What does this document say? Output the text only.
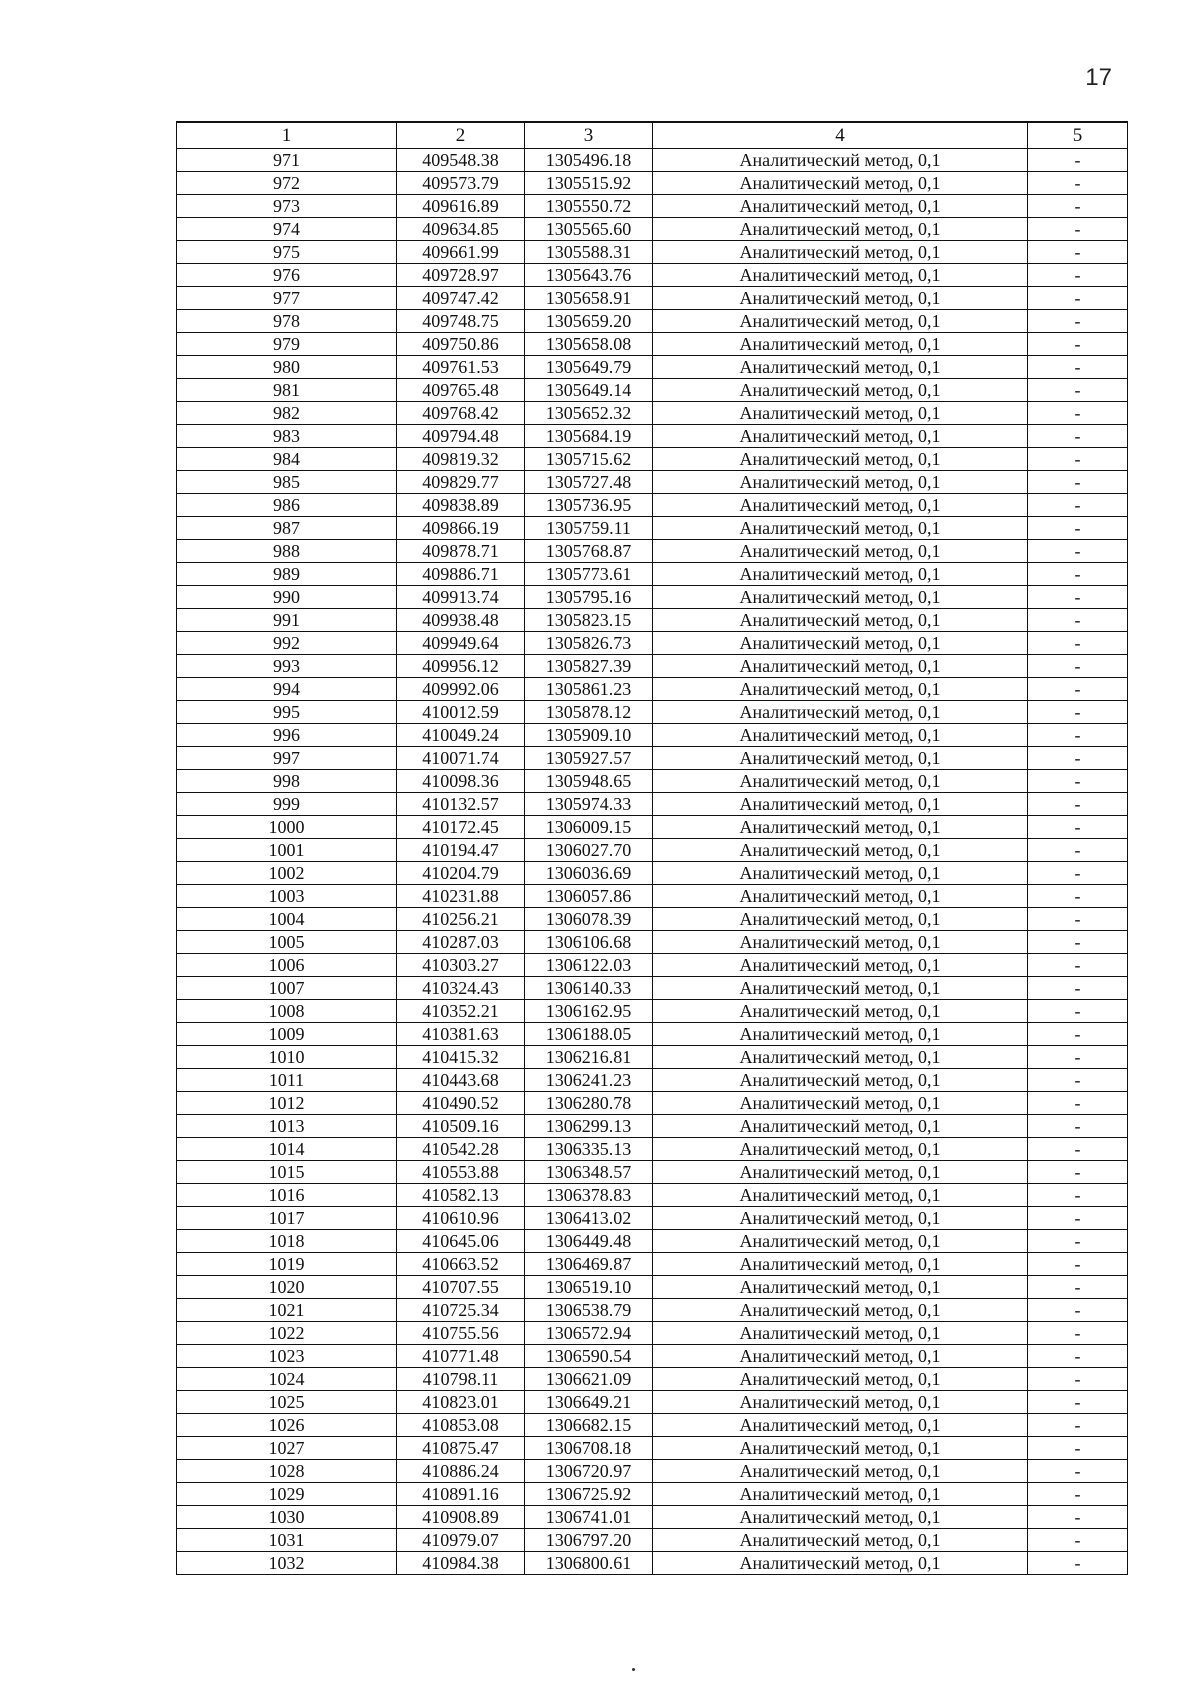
17
1	2	3	4	5
971	409548.38	1305496.18	Аналитический метод, 0,1	-
972	409573.79	1305515.92	Аналитический метод, 0,1	-
973	409616.89	1305550.72	Аналитический метод, 0,1	-
974	409634.85	1305565.60	Аналитический метод, 0,1	-
975	409661.99	1305588.31	Аналитический метод, 0,1	-
976	409728.97	1305643.76	Аналитический метод, 0,1	-
977	409747.42	1305658.91	Аналитический метод, 0,1	-
978	409748.75	1305659.20	Аналитический метод, 0,1	-
979	409750.86	1305658.08	Аналитический метод, 0,1	-
980	409761.53	1305649.79	Аналитический метод, 0,1	-
981	409765.48	1305649.14	Аналитический метод, 0,1	-
982	409768.42	1305652.32	Аналитический метод, 0,1	-
983	409794.48	1305684.19	Аналитический метод, 0,1	-
984	409819.32	1305715.62	Аналитический метод, 0,1	-
985	409829.77	1305727.48	Аналитический метод, 0,1	-
986	409838.89	1305736.95	Аналитический метод, 0,1	-
987	409866.19	1305759.11	Аналитический метод, 0,1	-
988	409878.71	1305768.87	Аналитический метод, 0,1	-
989	409886.71	1305773.61	Аналитический метод, 0,1	-
990	409913.74	1305795.16	Аналитический метод, 0,1	-
991	409938.48	1305823.15	Аналитический метод, 0,1	-
992	409949.64	1305826.73	Аналитический метод, 0,1	-
993	409956.12	1305827.39	Аналитический метод, 0,1	-
994	409992.06	1305861.23	Аналитический метод, 0,1	-
995	410012.59	1305878.12	Аналитический метод, 0,1	-
996	410049.24	1305909.10	Аналитический метод, 0,1	-
997	410071.74	1305927.57	Аналитический метод, 0,1	-
998	410098.36	1305948.65	Аналитический метод, 0,1	-
999	410132.57	1305974.33	Аналитический метод, 0,1	-
1000	410172.45	1306009.15	Аналитический метод, 0,1	-
1001	410194.47	1306027.70	Аналитический метод, 0,1	-
1002	410204.79	1306036.69	Аналитический метод, 0,1	-
1003	410231.88	1306057.86	Аналитический метод, 0,1	-
1004	410256.21	1306078.39	Аналитический метод, 0,1	-
1005	410287.03	1306106.68	Аналитический метод, 0,1	-
1006	410303.27	1306122.03	Аналитический метод, 0,1	-
1007	410324.43	1306140.33	Аналитический метод, 0,1	-
1008	410352.21	1306162.95	Аналитический метод, 0,1	-
1009	410381.63	1306188.05	Аналитический метод, 0,1	-
1010	410415.32	1306216.81	Аналитический метод, 0,1	-
1011	410443.68	1306241.23	Аналитический метод, 0,1	-
1012	410490.52	1306280.78	Аналитический метод, 0,1	-
1013	410509.16	1306299.13	Аналитический метод, 0,1	-
1014	410542.28	1306335.13	Аналитический метод, 0,1	-
1015	410553.88	1306348.57	Аналитический метод, 0,1	-
1016	410582.13	1306378.83	Аналитический метод, 0,1	-
1017	410610.96	1306413.02	Аналитический метод, 0,1	-
1018	410645.06	1306449.48	Аналитический метод, 0,1	-
1019	410663.52	1306469.87	Аналитический метод, 0,1	-
1020	410707.55	1306519.10	Аналитический метод, 0,1	-
1021	410725.34	1306538.79	Аналитический метод, 0,1	-
1022	410755.56	1306572.94	Аналитический метод, 0,1	-
1023	410771.48	1306590.54	Аналитический метод, 0,1	-
1024	410798.11	1306621.09	Аналитический метод, 0,1	-
1025	410823.01	1306649.21	Аналитический метод, 0,1	-
1026	410853.08	1306682.15	Аналитический метод, 0,1	-
1027	410875.47	1306708.18	Аналитический метод, 0,1	-
1028	410886.24	1306720.97	Аналитический метод, 0,1	-
1029	410891.16	1306725.92	Аналитический метод, 0,1	-
1030	410908.89	1306741.01	Аналитический метод, 0,1	-
1031	410979.07	1306797.20	Аналитический метод, 0,1	-
1032	410984.38	1306800.61	Аналитический метод, 0,1	-
